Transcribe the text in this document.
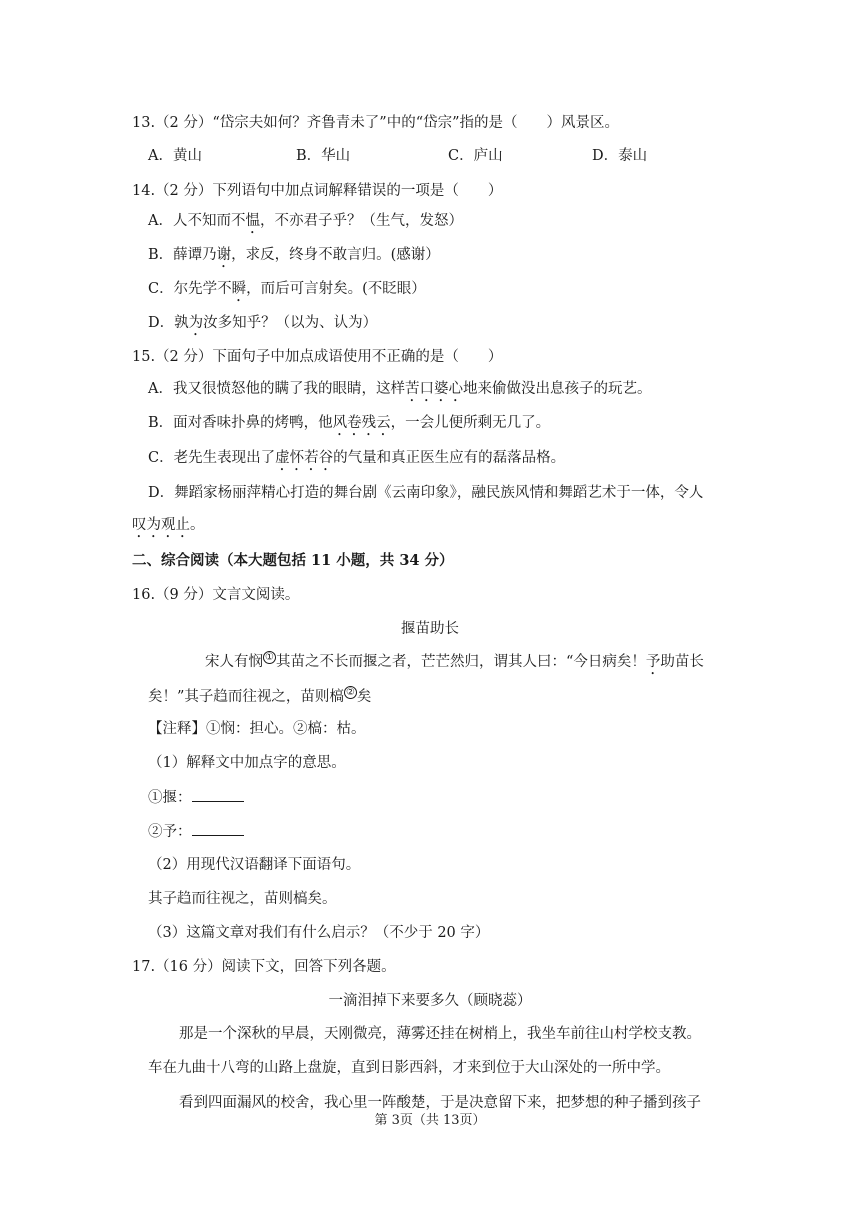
13.（2 分）“岱宗夫如何？齐鲁青未了”中的“岱宗”指的是（　　）风景区。
A．黄山	B．华山	C．庐山	D．泰山
14.（2 分）下列语句中加点词解释错误的一项是（　　）
A．人不知而不愠，不亦君子乎？（生气，发怒）
B．薛谭乃谢，求反，终身不敢言归。(感谢）
C．尔先学不瞬，而后可言射矣。(不眨眼）
D．孰为汝多知乎？（以为、认为）
15.（2 分）下面句子中加点成语使用不正确的是（　　）
A．我又很愤怒他的瞒了我的眼睛，这样苦口婆心地来偷做没出息孩子的玩艺。
B．面对香味扑鼻的烤鸭，他风卷残云，一会儿便所剩无几了。
C．老先生表现出了虚怀若谷的气量和真正医生应有的磊落品格。
D．舞蹈家杨丽萍精心打造的舞台剧《云南印象》，融民族风情和舞蹈艺术于一体，令人
叹为观止。
二、综合阅读（本大题包括 11 小题，共 34 分）
16.（9 分）文言文阅读。
揠苗助长
宋人有悯 ① 其苗之不长而揠之者，芒芒然归，谓其人曰：“今日病矣！予助苗长
矣！”其子趋而往视之，苗则槁 ② 矣
【注释】①悯：担心。②槁：枯。
（1）解释文中加点字的意思。
①揠：
②予：
（2）用现代汉语翻译下面语句。
其子趋而往视之，苗则槁矣。
（3）这篇文章对我们有什么启示？（不少于 20 字）
17.（16 分）阅读下文，回答下列各题。
一滴泪掉下来要多久（顾晓蕊）
那是一个深秋的早晨，天刚微亮，薄雾还挂在树梢上，我坐车前往山村学校支教。
车在九曲十八弯的山路上盘旋，直到日影西斜，才来到位于大山深处的一所中学。
看到四面漏风的校舍，我心里一阵酸楚，于是决意留下来，把梦想的种子播到孩子
第 3页（共 13页）
